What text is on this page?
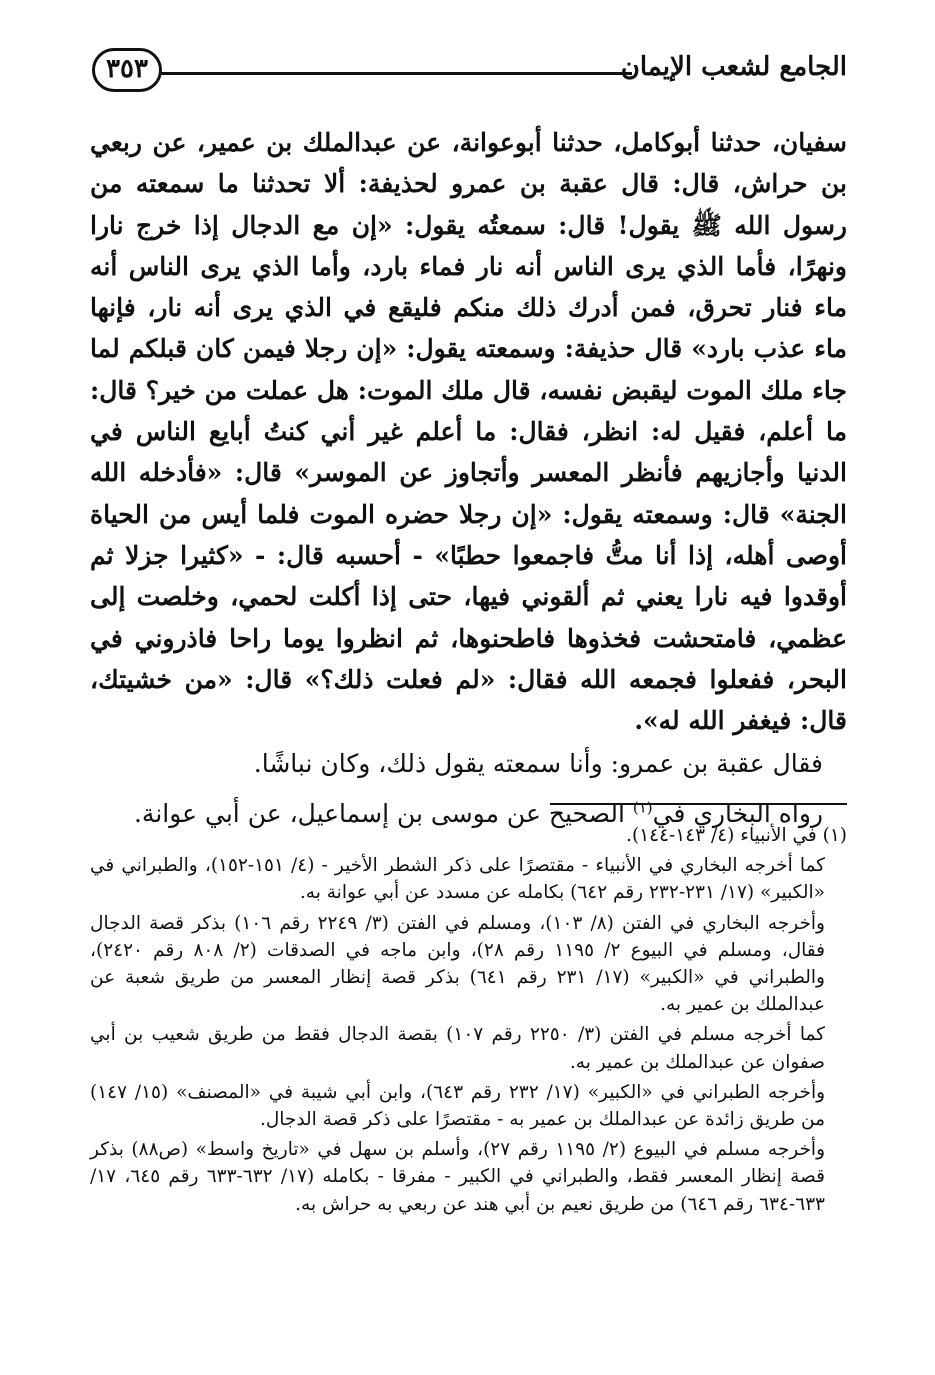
الجامع لشعب الإيمان
٣٥٣

سفيان، حدثنا أبوكامل، حدثنا أبوعوانة، عن عبدالملك بن عمير، عن ربعي بن حراش، قال: قال عقبة بن عمرو لحذيفة: ألا تحدثنا ما سمعته من رسول الله ﷺ يقول! قال: سمعتُه يقول: «إن مع الدجال إذا خرج نارا ونهرًا، فأما الذي يرى الناس أنه نار فماء بارد، وأما الذي يرى الناس أنه ماء فنار تحرق، فمن أدرك ذلك منكم فليقع في الذي يرى أنه نار، فإنها ماء عذب بارد» قال حذيفة: وسمعته يقول: «إن رجلا فيمن كان قبلكم لما جاء ملك الموت ليقبض نفسه، قال ملك الموت: هل عملت من خير؟ قال: ما أعلم، فقيل له: انظر، فقال: ما أعلم غير أني كنتُ أبايع الناس في الدنيا وأجازيهم فأنظر المعسر وأتجاوز عن الموسر» قال: «فأدخله الله الجنة» قال: وسمعته يقول: «إن رجلا حضره الموت فلما أيس من الحياة أوصى أهله، إذا أنا متُّ فاجمعوا حطبًا» - أحسبه قال: - «كثيرا جزلا ثم أوقدوا فيه نارا يعني ثم ألقوني فيها، حتى إذا أكلت لحمي، وخلصت إلى عظمي، فامتحشت فخذوها فاطحنوها، ثم انظروا يوما راحا فاذروني في البحر، ففعلوا فجمعه الله فقال: «لم فعلت ذلك؟» قال: «من خشيتك، قال: فيغفر الله له».

فقال عقبة بن عمرو: وأنا سمعته يقول ذلك، وكان نباشًا.

رواه البخاري في$^{(١)}$ الصحيح عن موسى بن إسماعيل، عن أبي عوانة.

(١) في الأنبياء (٤/ ١٤٣-١٤٤).

كما أخرجه البخاري في الأنبياء - مقتصرًا على ذكر الشطر الأخير - (٤/ ١٥١-١٥٢)، والطبراني في «الكبير» (١٧/ ٢٣١-٢٣٢ رقم ٦٤٢) بكامله عن مسدد عن أبي عوانة به.

وأخرجه البخاري في الفتن (٨/ ١٠٣)، ومسلم في الفتن (٣/ ٢٢٤٩ رقم ١٠٦) بذكر قصة الدجال فقال، ومسلم في البيوع ٢/ ١١٩٥ رقم ٢٨)، وابن ماجه في الصدقات (٢/ ٨٠٨ رقم ٢٤٢٠)، والطبراني في «الكبير» (١٧/ ٢٣١ رقم ٦٤١) بذكر قصة إنظار المعسر من طريق شعبة عن عبدالملك بن عمير به.

كما أخرجه مسلم في الفتن (٣/ ٢٢٥٠ رقم ١٠٧) بقصة الدجال فقط من طريق شعيب بن أبي صفوان عن عبدالملك بن عمير به.

وأخرجه الطبراني في «الكبير» (١٧/ ٢٣٢ رقم ٦٤٣)، وابن أبي شيبة في «المصنف» (١٥/ ١٤٧) من طريق زائدة عن عبدالملك بن عمير به - مقتصرًا على ذكر قصة الدجال.

وأخرجه مسلم في البيوع (٢/ ١١٩٥ رقم ٢٧)، وأسلم بن سهل في «تاريخ واسط» (ص٨٨) بذكر قصة إنظار المعسر فقط، والطبراني في الكبير - مفرقا - بكامله (١٧/ ٦٣٢-٦٣٣ رقم ٦٤٥، ١٧/ ٦٣٣-٦٣٤ رقم ٦٤٦) من طريق نعيم بن أبي هند عن ربعي به حراش به.
